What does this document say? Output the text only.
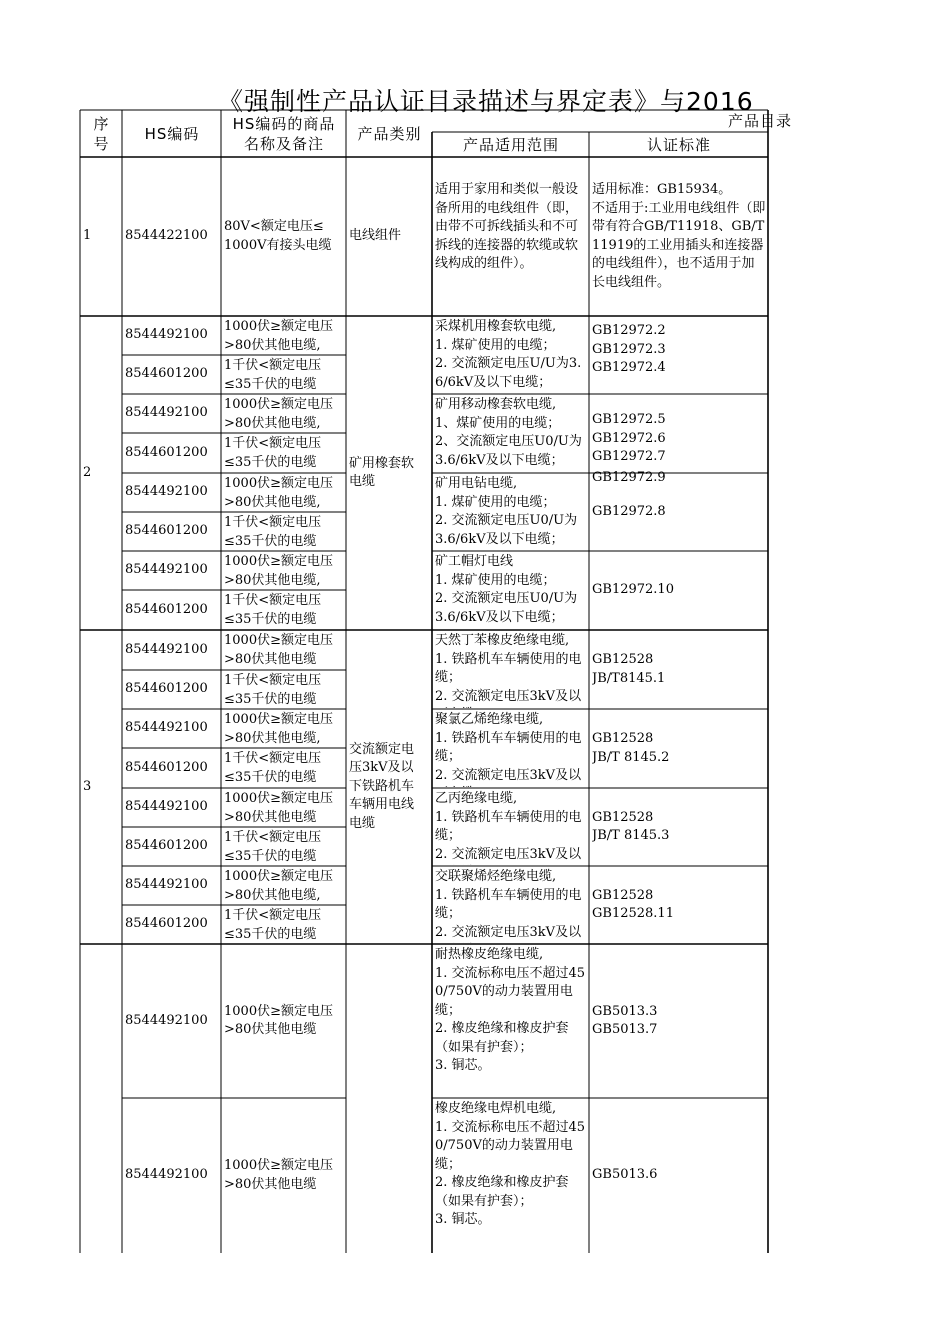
《强制性产品认证目录描述与界定表》与2016
序
号
HS编码
HS编码的商品
名称及备注
产品类别
产品目录
产品适用范围	认证标准
1	电线组件
2
矿用橡套软
电缆
3
交流额定电
压3kV及以
下铁路机车
车辆用电线
电缆
8544422100
80V<额定电压≤
1000V有接头电缆
8544492100
1000伏≥额定电压
>80伏其他电缆,
8544601200
1千伏<额定电压
≤35千伏的电缆
8544492100
1000伏≥额定电压
>80伏其他电缆,
8544601200
1千伏<额定电压
≤35千伏的电缆
8544492100
1000伏≥额定电压
>80伏其他电缆,
8544601200
1千伏<额定电压
≤35千伏的电缆
8544492100
1000伏≥额定电压
>80伏其他电缆,
8544601200
1千伏<额定电压
≤35千伏的电缆
8544492100
1000伏≥额定电压
>80伏其他电缆
8544601200
1千伏<额定电压
≤35千伏的电缆
8544492100
1000伏≥额定电压
>80伏其他电缆,
8544601200
1千伏<额定电压
≤35千伏的电缆
8544492100
1000伏≥额定电压
>80伏其他电缆
8544601200
1千伏<额定电压
≤35千伏的电缆
8544492100
1000伏≥额定电压
>80伏其他电缆,
8544601200
1千伏<额定电压
≤35千伏的电缆
8544492100
1000伏≥额定电压
>80伏其他电缆
8544492100
1000伏≥额定电压
>80伏其他电缆
适用于家用和类似一般设备所用的电线组件（即，由带不可拆线插头和不可拆线的连接器的软缆或软线构成的组件）。
采煤机用橡套软电缆,
1. 煤矿使用的电缆；
2. 交流额定电压U/U为3.6/6kV及以下电缆；
矿用移动橡套软电缆,
1、煤矿使用的电缆；
2、交流额定电压U0/U为3.6/6kV及以下电缆；
矿用电钻电缆,
1. 煤矿使用的电缆；
2. 交流额定电压U0/U为3.6/6kV及以下电缆；
矿工帽灯电线
1. 煤矿使用的电缆；
2. 交流额定电压U0/U为3.6/6kV及以下电缆；
天然丁苯橡皮绝缘电缆,
1. 铁路机车车辆使用的电缆；
2. 交流额定电压3kV及以
聚氯乙烯绝缘电缆,
1. 铁路机车车辆使用的电缆；
2. 交流额定电压3kV及以
乙丙绝缘电缆,
1. 铁路机车车辆使用的电缆；
2. 交流额定电压3kV及以
交联聚烯烃绝缘电缆,
1. 铁路机车车辆使用的电缆；
2. 交流额定电压3kV及以
耐热橡皮绝缘电缆,
1. 交流标称电压不超过450/750V的动力装置用电缆；
2. 橡皮绝缘和橡皮护套（如果有护套）；
3. 铜芯。
橡皮绝缘电焊机电缆,
1. 交流标称电压不超过450/750V的动力装置用电缆；
2. 橡皮绝缘和橡皮护套（如果有护套）；
3. 铜芯。
适用标准：GB15934。
不适用于:工业用电线组件（即带有符合GB/T11918、GB/T11919的工业用插头和连接器的电线组件），也不适用于加长电线组件。
GB12972.2
GB12972.3
GB12972.4
GB12972.5
GB12972.6
GB12972.7
GB12972.9
GB12972.8
GB12972.10
GB12528
JB/T8145.1
GB12528
JB/T 8145.2
GB12528
JB/T 8145.3
GB12528
GB12528.11
GB5013.3
GB5013.7
GB5013.6
